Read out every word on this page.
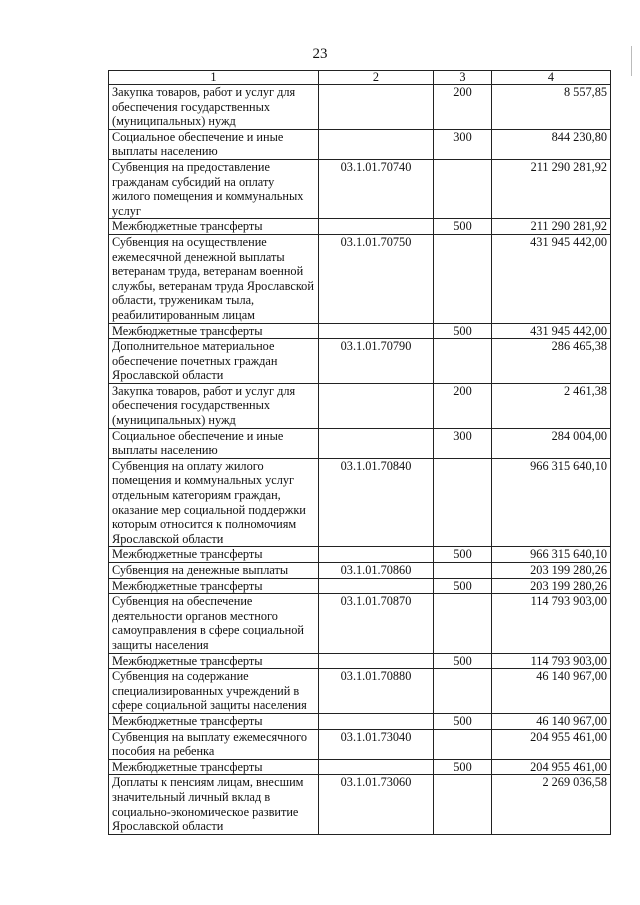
23
1	2	3	4
Закупка товаров, работ и услуг для обеспечения государственных (муниципальных) нужд		200	8 557,85
Социальное обеспечение и иные выплаты населению		300	844 230,80
Субвенция на предоставление гражданам субсидий на оплату жилого помещения и коммунальных услуг	03.1.01.70740		211 290 281,92
Межбюджетные трансферты		500	211 290 281,92
Субвенция на осуществление ежемесячной денежной выплаты ветеранам труда, ветеранам военной службы, ветеранам труда Ярославской области, труженикам тыла, реабилитированным лицам	03.1.01.70750		431 945 442,00
Межбюджетные трансферты		500	431 945 442,00
Дополнительное материальное обеспечение почетных граждан Ярославской области	03.1.01.70790		286 465,38
Закупка товаров, работ и услуг для обеспечения государственных (муниципальных) нужд		200	2 461,38
Социальное обеспечение и иные выплаты населению		300	284 004,00
Субвенция на оплату жилого помещения и коммунальных услуг отдельным категориям граждан, оказание мер социальной поддержки которым относится к полномочиям Ярославской области	03.1.01.70840		966 315 640,10
Межбюджетные трансферты		500	966 315 640,10
Субвенция на денежные выплаты	03.1.01.70860		203 199 280,26
Межбюджетные трансферты		500	203 199 280,26
Субвенция на обеспечение деятельности органов местного самоуправления в сфере социальной защиты населения	03.1.01.70870		114 793 903,00
Межбюджетные трансферты		500	114 793 903,00
Субвенция на содержание специализированных учреждений в сфере социальной защиты населения	03.1.01.70880		46 140 967,00
Межбюджетные трансферты		500	46 140 967,00
Субвенция на выплату ежемесячного пособия на ребенка	03.1.01.73040		204 955 461,00
Межбюджетные трансферты		500	204 955 461,00
Доплаты к пенсиям лицам, внесшим значительный личный вклад в социально-экономическое развитие Ярославской области	03.1.01.73060		2 269 036,58
